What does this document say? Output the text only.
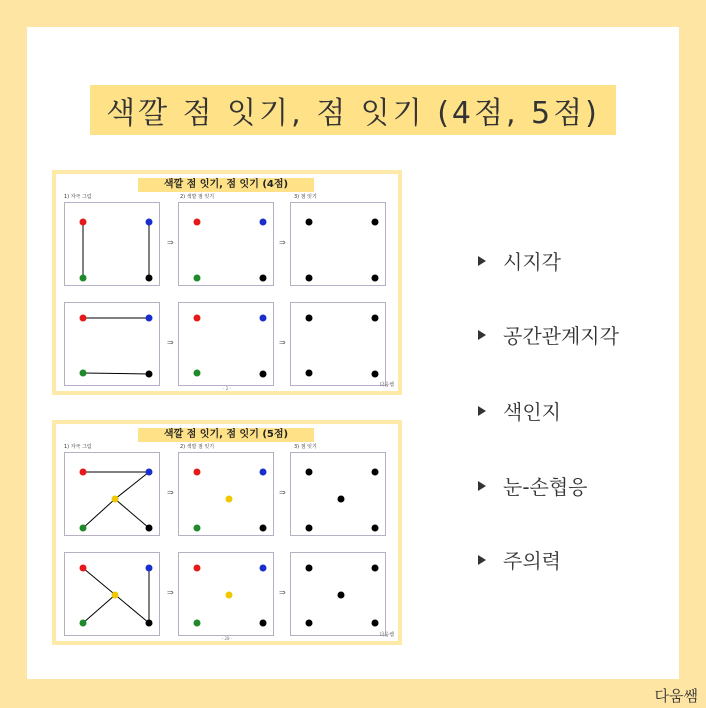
색깔 점 잇기, 점 잇기 (4점, 5점)
색깔 점 잇기, 점 잇기 (4점)
1) 자극 그림	2) 색깔 점 잇기	3) 점 잇기
⇒	⇒
⇒	⇒
- 2 -
다움쌤
색깔 점 잇기, 점 잇기 (5점)
1) 자극 그림	2) 색깔 점 잇기	3) 점 잇기
⇒	⇒
⇒	⇒
- 28 -
다움쌤
시지각
공간관계지각
색인지
눈-손협응
주의력
다움쌤
